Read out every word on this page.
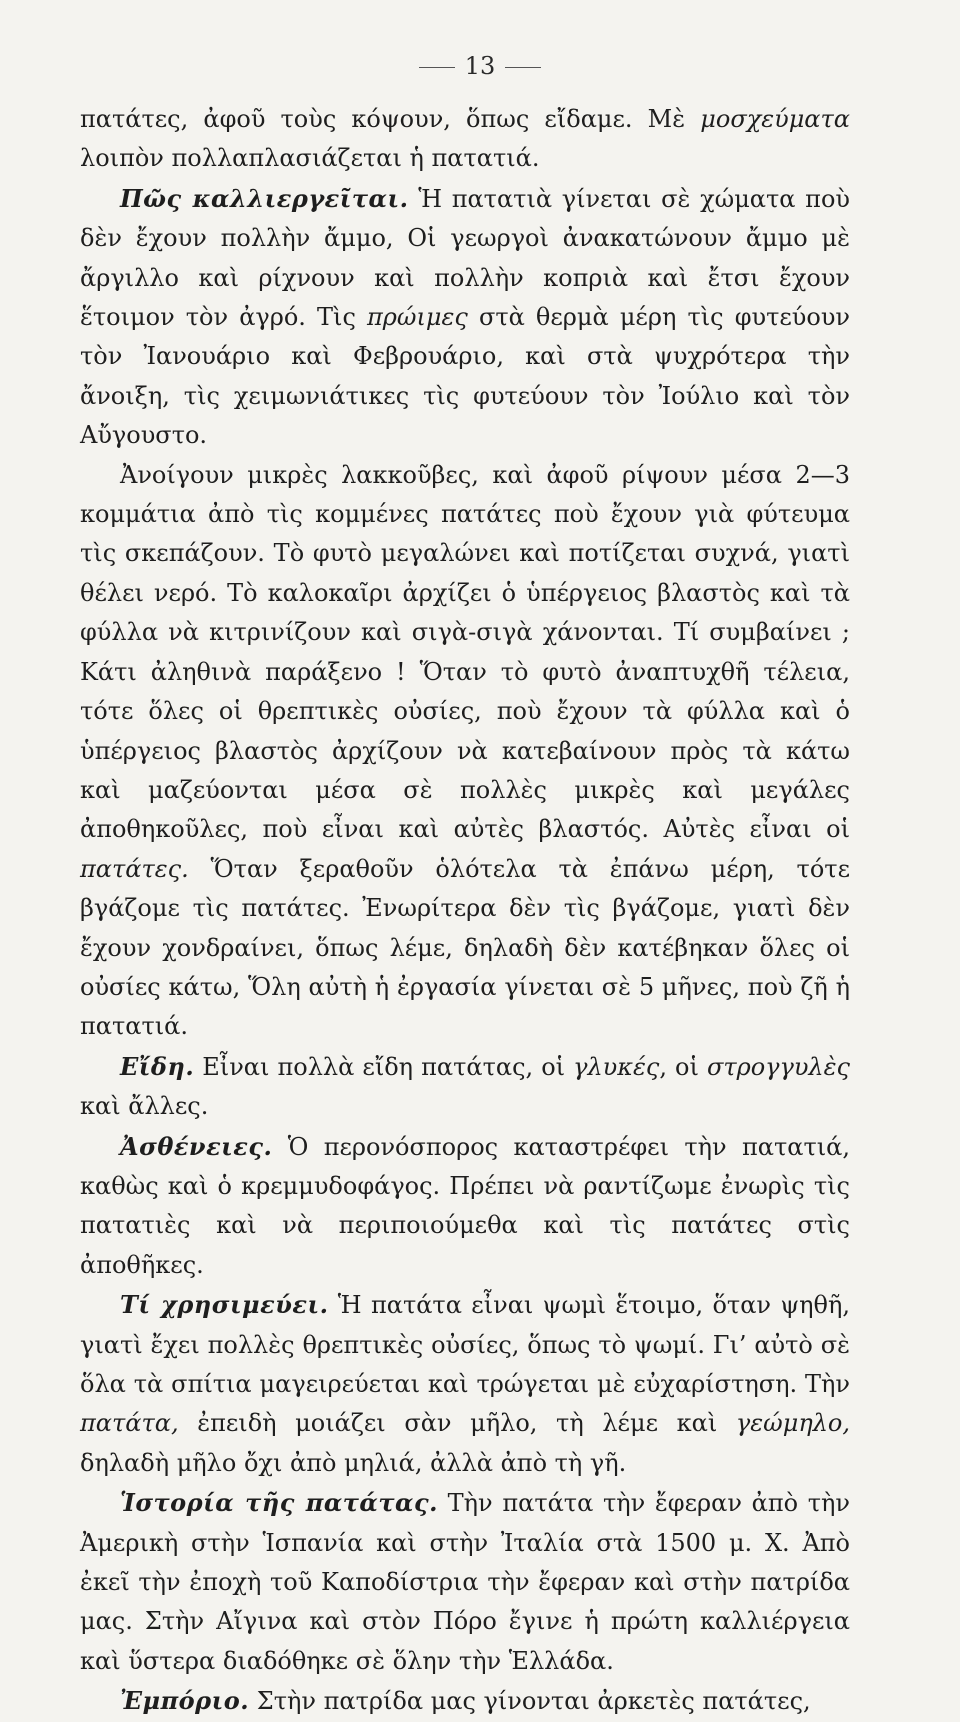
13

πατάτες, ἀφοῦ τοὺς κόψουν, ὅπως εἴδαμε. Μὲ μοσχεύματα λοιπὸν πολλαπλασιάζεται ἡ πατατιά.

Πῶς καλλιεργεῖται. Ἡ πατατιὰ γίνεται σὲ χώματα ποὺ δὲν ἔχουν πολλὴν ἄμμο, Οἱ γεωργοὶ ἀνακατώνουν ἄμμο μὲ ἄργιλλο καὶ ρίχνουν καὶ πολλὴν κοπριὰ καὶ ἔτσι ἔχουν ἕτοιμον τὸν ἀγρό. Τὶς πρώιμες στὰ θερμὰ μέρη τὶς φυτεύουν τὸν Ἰανουάριο καὶ Φεβρουάριο, καὶ στὰ ψυχρότερα τὴν ἄνοιξη, τὶς χειμωνιάτικες τὶς φυτεύουν τὸν Ἰούλιο καὶ τὸν Αὔγουστο.

Ἀνοίγουν μικρὲς λακκοῦβες, καὶ ἀφοῦ ρίψουν μέσα 2—3 κομμάτια ἀπὸ τὶς κομμένες πατάτες ποὺ ἔχουν γιὰ φύτευμα τὶς σκεπάζουν. Τὸ φυτὸ μεγαλώνει καὶ ποτίζεται συχνά, γιατὶ θέλει νερό. Τὸ καλοκαῖρι ἀρχίζει ὁ ὑπέργειος βλαστὸς καὶ τὰ φύλλα νὰ κιτρινίζουν καὶ σιγὰ-σιγὰ χάνονται. Τί συμβαίνει ; Κάτι ἀληθινὰ παράξενο ! Ὅταν τὸ φυτὸ ἀναπτυχθῆ τέλεια, τότε ὅλες οἱ θρεπτικὲς οὐσίες, ποὺ ἔχουν τὰ φύλλα καὶ ὁ ὑπέργειος βλαστὸς ἀρχίζουν νὰ κατεβαίνουν πρὸς τὰ κάτω καὶ μαζεύονται μέσα σὲ πολλὲς μικρὲς καὶ μεγάλες ἀποθηκοῦλες, ποὺ εἶναι καὶ αὐτὲς βλαστός. Αὐτὲς εἶναι οἱ πατάτες. Ὅταν ξεραθοῦν ὁλότελα τὰ ἐπάνω μέρη, τότε βγάζομε τὶς πατάτες. Ἐνωρίτερα δὲν τὶς βγάζομε, γιατὶ δὲν ἔχουν χονδραίνει, ὅπως λέμε, δηλαδὴ δὲν κατέβηκαν ὅλες οἱ οὐσίες κάτω, Ὅλη αὐτὴ ἡ ἐργασία γίνεται σὲ 5 μῆνες, ποὺ ζῆ ἡ πατατιά.

Εἴδη. Εἶναι πολλὰ εἴδη πατάτας, οἱ γλυκές, οἱ στρογγυλὲς καὶ ἄλλες.

Ἀσθένειες. Ὁ περονόσπορος καταστρέφει τὴν πατατιά, καθὼς καὶ ὁ κρεμμυδοφάγος. Πρέπει νὰ ραντίζωμε ἐνωρὶς τὶς πατατιὲς καὶ νὰ περιποιούμεθα καὶ τὶς πατάτες στὶς ἀποθῆκες.

Τί χρησιμεύει. Ἡ πατάτα εἶναι ψωμὶ ἕτοιμο, ὅταν ψηθῆ, γιατὶ ἔχει πολλὲς θρεπτικὲς οὐσίες, ὅπως τὸ ψωμί. Γι’ αὐτὸ σὲ ὅλα τὰ σπίτια μαγειρεύεται καὶ τρώγεται μὲ εὐχαρίστηση. Τὴν πατάτα, ἐπειδὴ μοιάζει σὰν μῆλο, τὴ λέμε καὶ γεώμηλο, δηλαδὴ μῆλο ὄχι ἀπὸ μηλιά, ἀλλὰ ἀπὸ τὴ γῆ.

Ἱστορία τῆς πατάτας. Τὴν πατάτα τὴν ἔφεραν ἀπὸ τὴν Ἀμερικὴ στὴν Ἱσπανία καὶ στὴν Ἰταλία στὰ 1500 μ. Χ. Ἀπὸ ἐκεῖ τὴν ἐποχὴ τοῦ Καποδίστρια τὴν ἔφεραν καὶ στὴν πατρίδα μας. Στὴν Αἴγινα καὶ στὸν Πόρο ἔγινε ἡ πρώτη καλλιέργεια καὶ ὕστερα διαδόθηκε σὲ ὅλην τὴν Ἑλλάδα.

Ἐμπόριο. Στὴν πατρίδα μας γίνονται ἀρκετὲς πατάτες,
